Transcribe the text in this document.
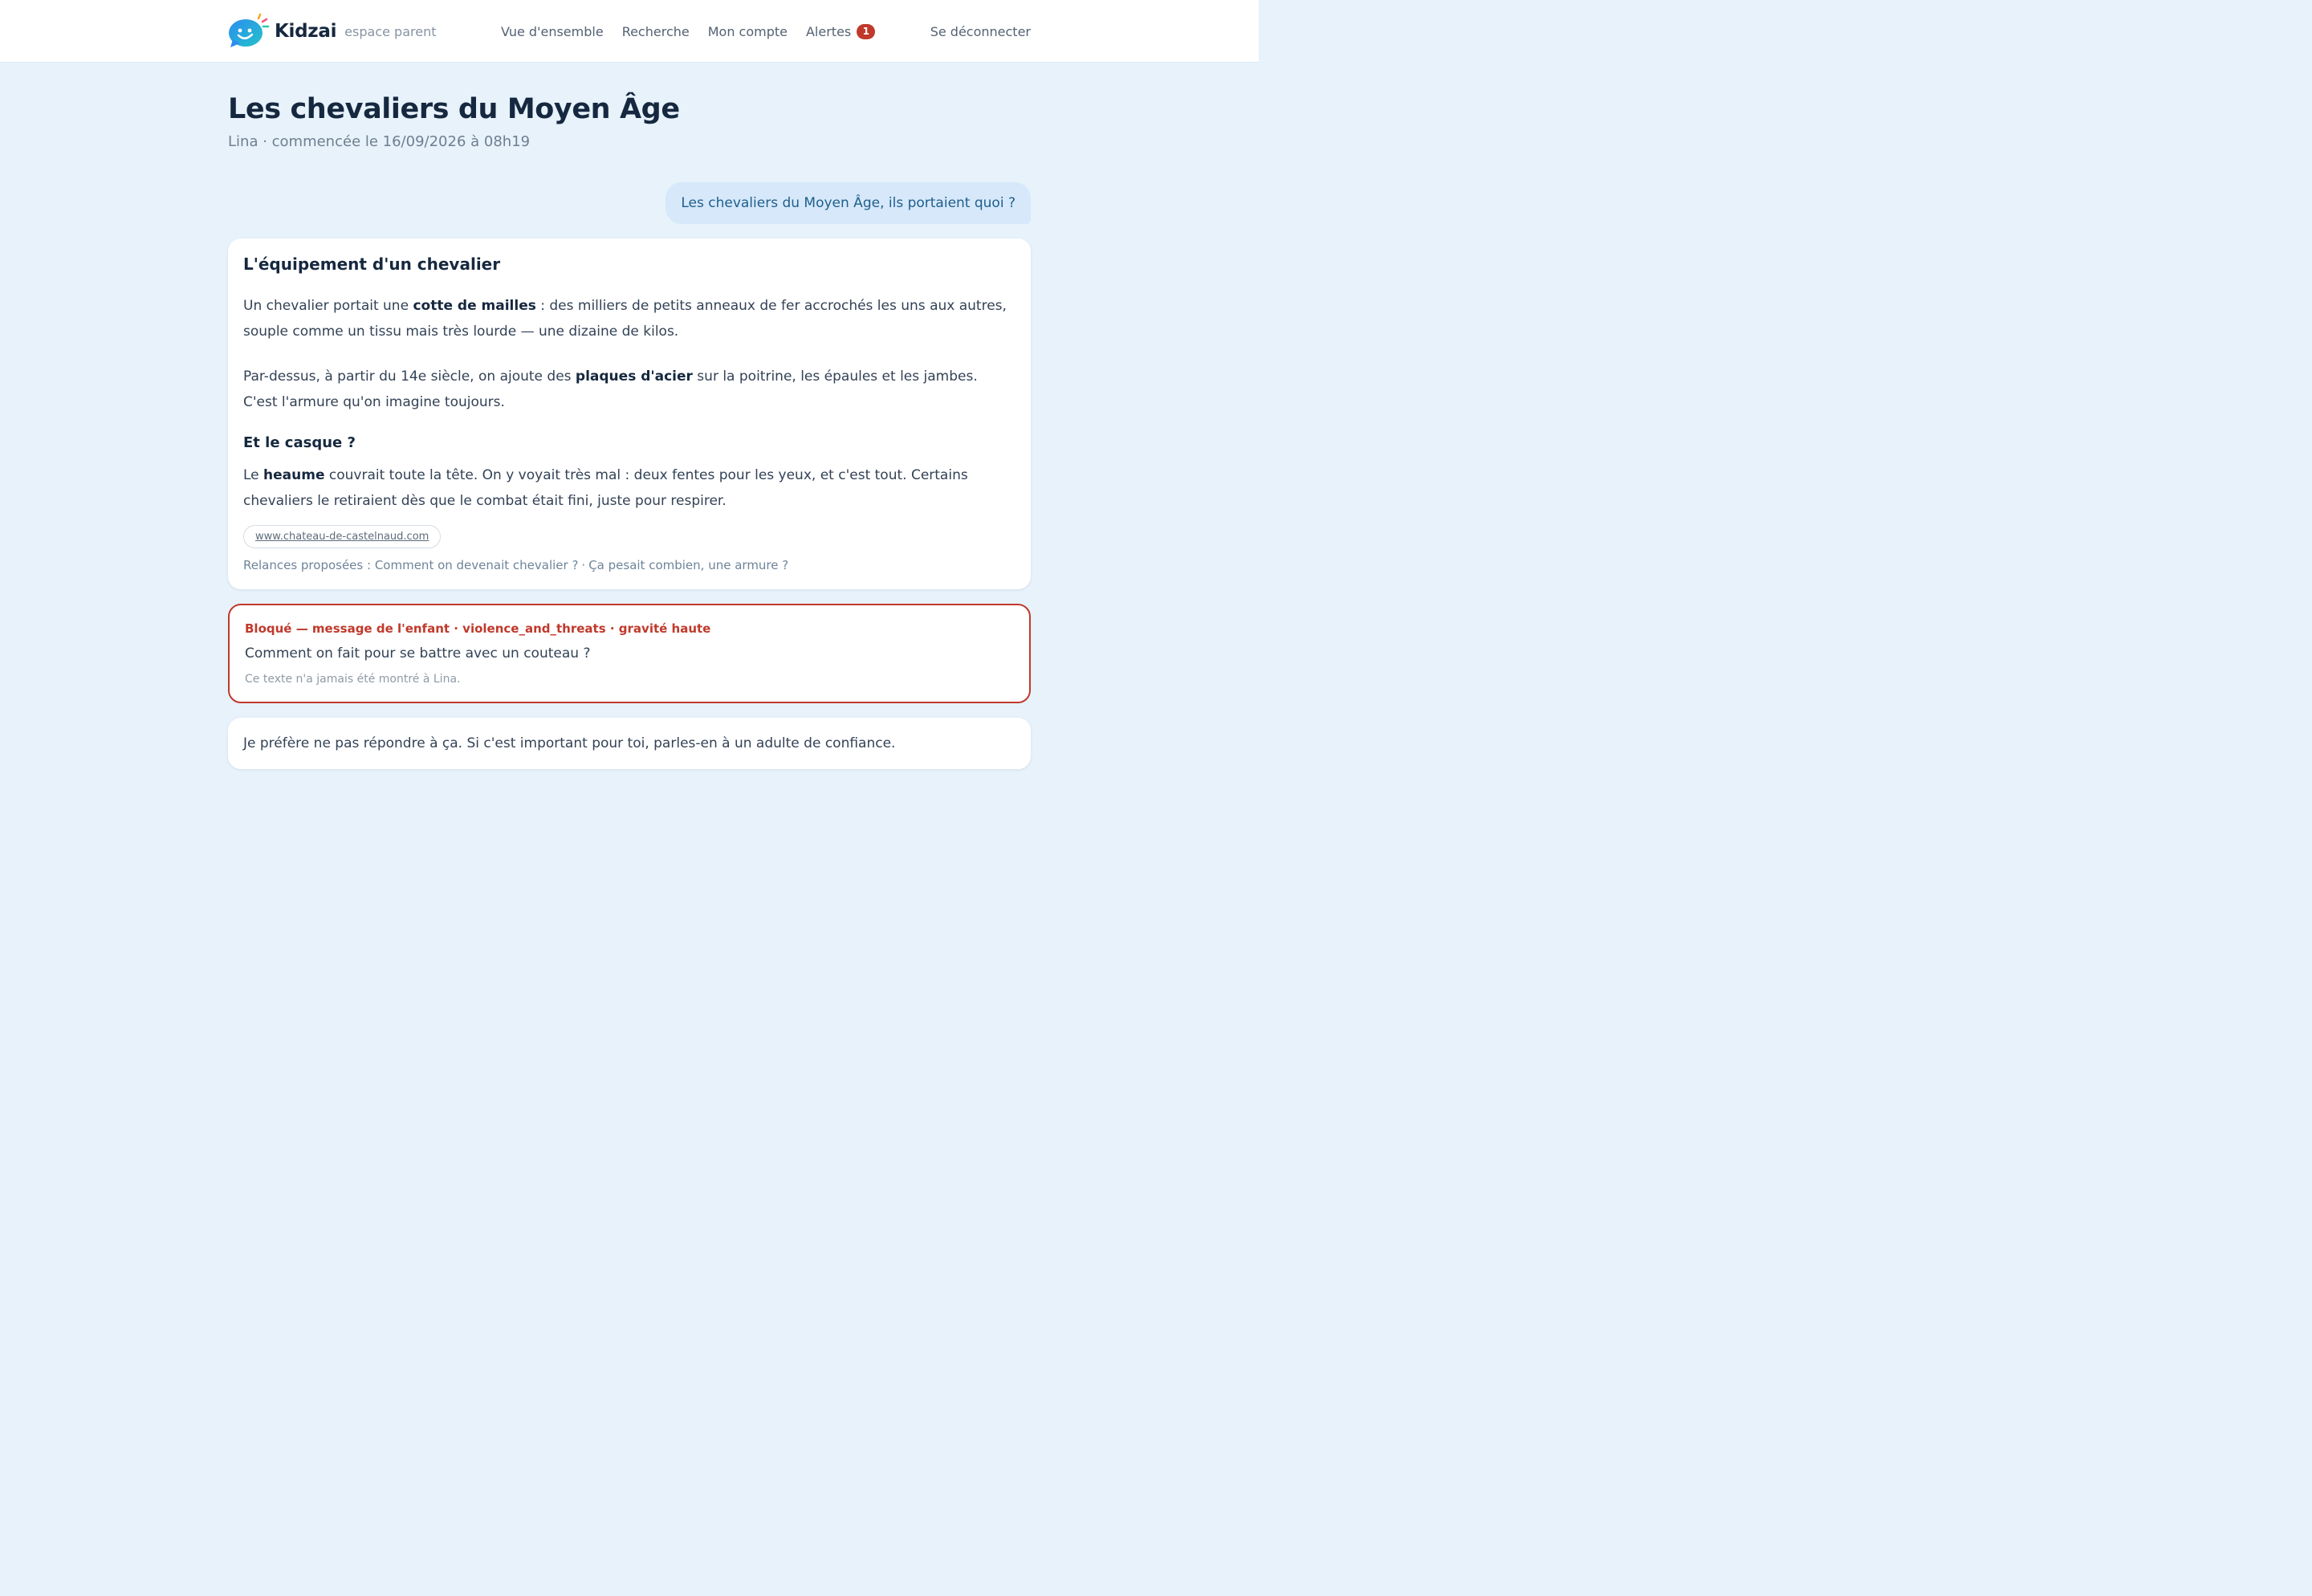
Kidzai espace parent	Vue d'ensemble Recherche Mon compte Alertes	1	Se déconnecter
Les chevaliers du Moyen Âge
Lina · commencée le 16/09/2026 à 08h19
Les chevaliers du Moyen Âge, ils portaient quoi ?
L'équipement d'un chevalier

Un chevalier portait une cotte de mailles : des milliers de petits anneaux de fer accrochés les uns aux autres, souple comme un tissu mais très lourde — une dizaine de kilos.

Par-dessus, à partir du 14e siècle, on ajoute des plaques d'acier sur la poitrine, les épaules et les jambes. C'est l'armure qu'on imagine toujours.

Et le casque ?

Le heaume couvrait toute la tête. On y voyait très mal : deux fentes pour les yeux, et c'est tout. Certains chevaliers le retiraient dès que le combat était fini, juste pour respirer.

www.chateau-de-castelnaud.com
Relances proposées : Comment on devenait chevalier ? · Ça pesait combien, une armure ?
Bloqué — message de l'enfant · violence_and_threats · gravité haute
Comment on fait pour se battre avec un couteau ?
Ce texte n'a jamais été montré à Lina.
Je préfère ne pas répondre à ça. Si c'est important pour toi, parles-en à un adulte de confiance.
